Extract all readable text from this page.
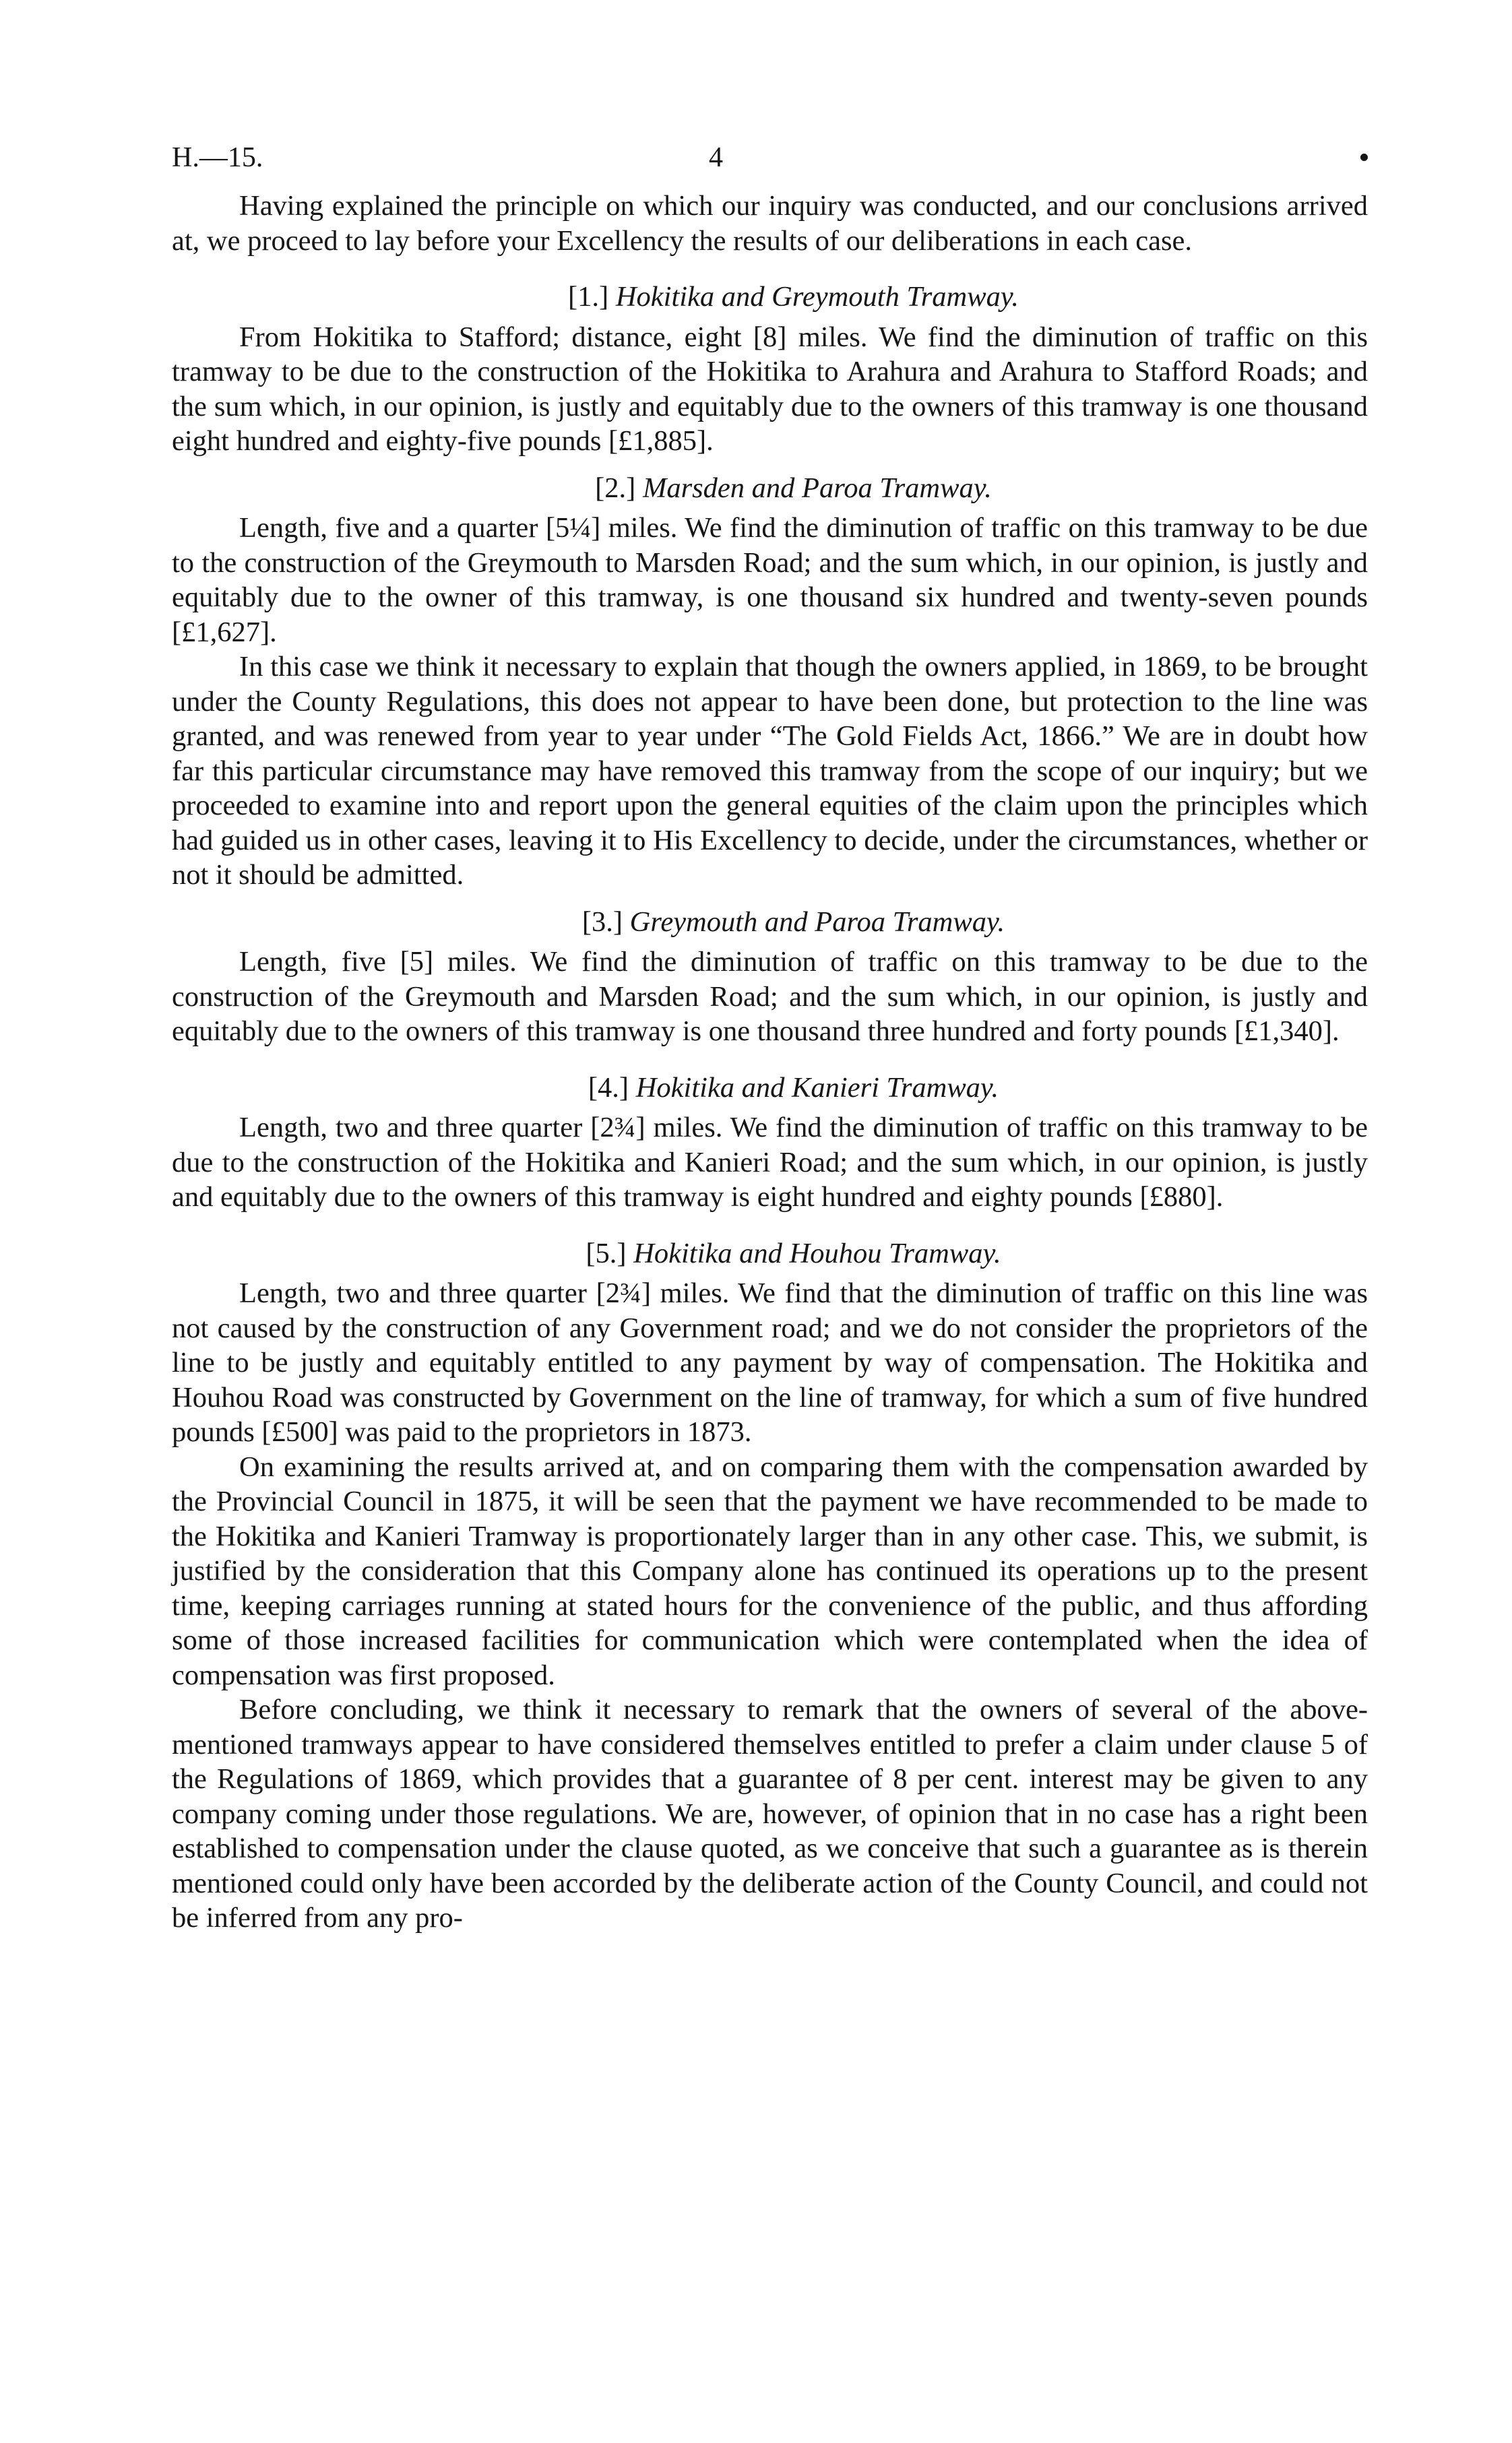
H.—15.	4

Having explained the principle on which our inquiry was conducted, and our conclusions arrived at, we proceed to lay before your Excellency the results of our deliberations in each case.

[1.] Hokitika and Greymouth Tramway.

From Hokitika to Stafford; distance, eight [8] miles. We find the diminution of traffic on this tramway to be due to the construction of the Hokitika to Arahura and Arahura to Stafford Roads; and the sum which, in our opinion, is justly and equitably due to the owners of this tramway is one thousand eight hundred and eighty-five pounds [£1,885].

[2.] Marsden and Paroa Tramway.

Length, five and a quarter [5¼] miles. We find the diminution of traffic on this tramway to be due to the construction of the Greymouth to Marsden Road; and the sum which, in our opinion, is justly and equitably due to the owner of this tramway, is one thousand six hundred and twenty-seven pounds [£1,627].

In this case we think it necessary to explain that though the owners applied, in 1869, to be brought under the County Regulations, this does not appear to have been done, but protection to the line was granted, and was renewed from year to year under “The Gold Fields Act, 1866.” We are in doubt how far this particular circumstance may have removed this tramway from the scope of our inquiry; but we proceeded to examine into and report upon the general equities of the claim upon the principles which had guided us in other cases, leaving it to His Excellency to decide, under the circumstances, whether or not it should be admitted.

[3.] Greymouth and Paroa Tramway.

Length, five [5] miles. We find the diminution of traffic on this tramway to be due to the construction of the Greymouth and Marsden Road; and the sum which, in our opinion, is justly and equitably due to the owners of this tramway is one thousand three hundred and forty pounds [£1,340].

[4.] Hokitika and Kanieri Tramway.

Length, two and three quarter [2¾] miles. We find the diminution of traffic on this tramway to be due to the construction of the Hokitika and Kanieri Road; and the sum which, in our opinion, is justly and equitably due to the owners of this tramway is eight hundred and eighty pounds [£880].

[5.] Hokitika and Houhou Tramway.

Length, two and three quarter [2¾] miles. We find that the diminution of traffic on this line was not caused by the construction of any Government road; and we do not consider the proprietors of the line to be justly and equitably entitled to any payment by way of compensation. The Hokitika and Houhou Road was constructed by Government on the line of tramway, for which a sum of five hundred pounds [£500] was paid to the proprietors in 1873.

On examining the results arrived at, and on comparing them with the compensation awarded by the Provincial Council in 1875, it will be seen that the payment we have recommended to be made to the Hokitika and Kanieri Tramway is proportionately larger than in any other case. This, we submit, is justified by the consideration that this Company alone has continued its operations up to the present time, keeping carriages running at stated hours for the convenience of the public, and thus affording some of those increased facilities for communication which were contemplated when the idea of compensation was first proposed.

Before concluding, we think it necessary to remark that the owners of several of the above-mentioned tramways appear to have considered themselves entitled to prefer a claim under clause 5 of the Regulations of 1869, which provides that a guarantee of 8 per cent. interest may be given to any company coming under those regulations. We are, however, of opinion that in no case has a right been established to compensation under the clause quoted, as we conceive that such a guarantee as is therein mentioned could only have been accorded by the deliberate action of the County Council, and could not be inferred from any pro-
